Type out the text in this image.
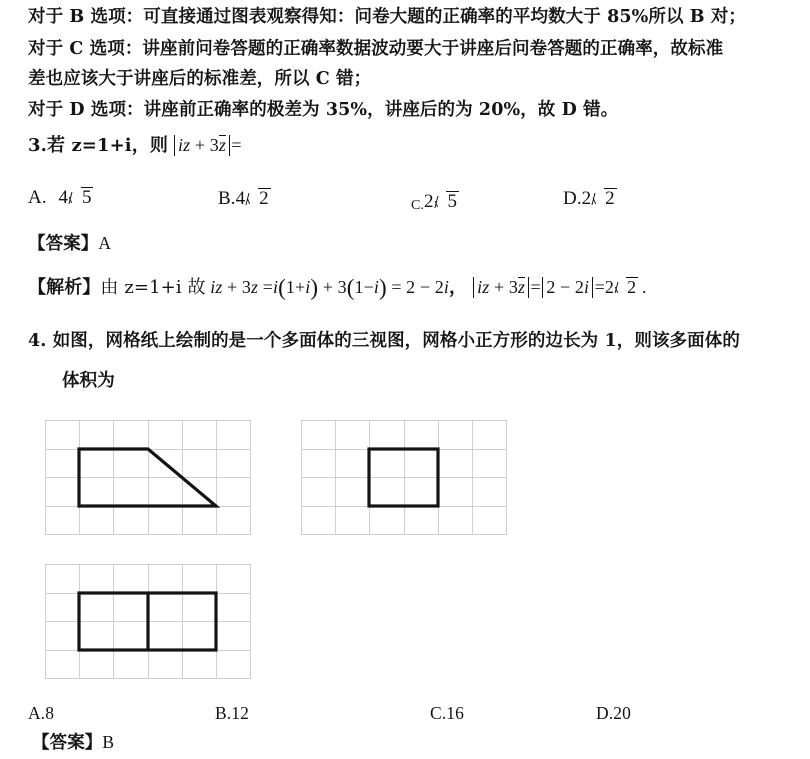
对于 B 选项：可直接通过图表观察得知：问卷大题的正确率的平均数大于 85%所以 B 对；
对于 C 选项：讲座前问卷答题的正确率数据波动要大于讲座后问卷答题的正确率，故标准
差也应该大于讲座后的标准差，所以 C 错；
对于 D 选项：讲座前正确率的极差为 35%，讲座后的为 20%，故 D 错。
3.若 z=1+i，则 iz + 3z =
A. 4 5	B.4 2	C.2 5	D.2 2
【答案】A
【解析】由 z=1+i 故 iz + 3z =i(1+i) + 3(1−i) = 2 − 2i， iz + 3z = 2 − 2i =2 2 .
4. 如图，网格纸上绘制的是一个多面体的三视图，网格小正方形的边长为 1，则该多面体的
体积为
A.8	B.12	C.16	D.20
【答案】B
